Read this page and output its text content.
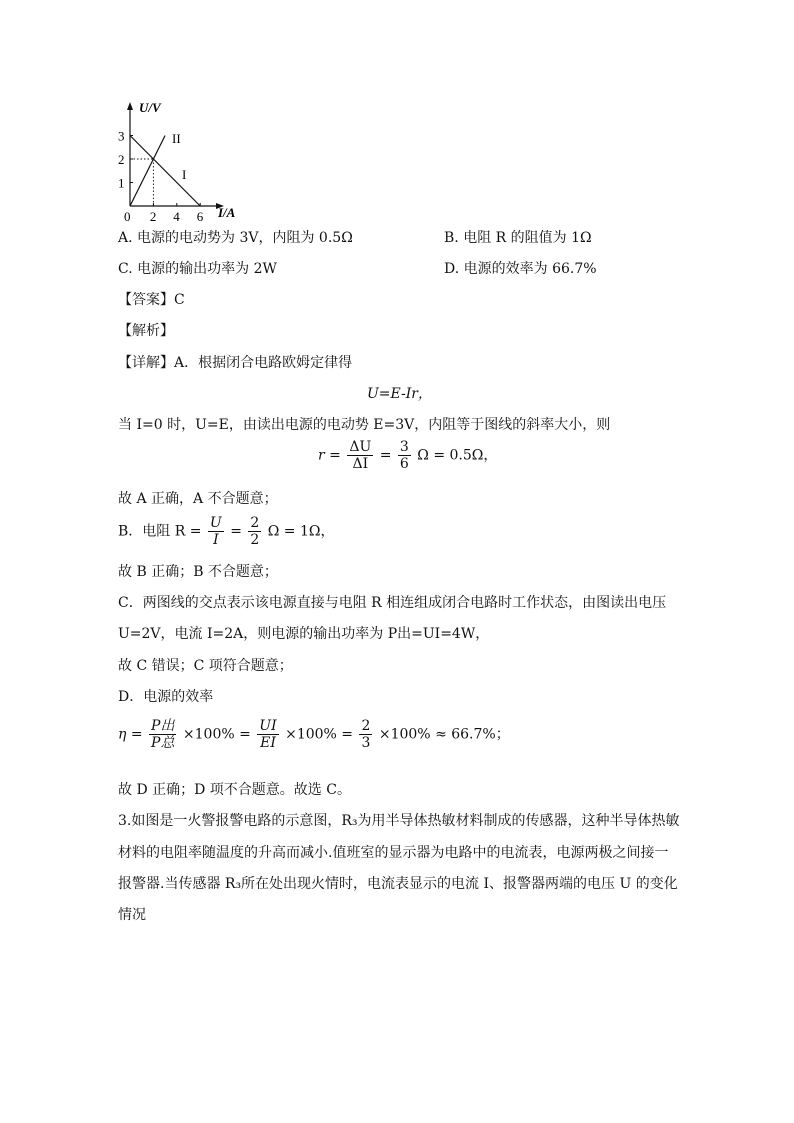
3
2
1
0 2 4 6
U/V
I/A
II
I
A. 电源的电动势为 3V，内阻为 0.5Ω	B. 电阻 R 的阻值为 1Ω
C. 电源的输出功率为 2W	D. 电源的效率为 66.7%
【答案】C
【解析】
【详解】A．根据闭合电路欧姆定律得
U=E-Ir，
当 I=0 时，U=E，由读出电源的电动势 E=3V，内阻等于图线的斜率大小，则
$r = \frac{\Delta U}{\Delta I} = \frac{3}{6}$ Ω = 0.5Ω，
故 A 正确，A 不合题意；
B．电阻 $R = \frac{U}{I} = \frac{2}{2}$ Ω = 1Ω，
故 B 正确；B 不合题意；
C．两图线的交点表示该电源直接与电阻 R 相连组成闭合电路时工作状态，由图读出电压
U=2V，电流 I=2A，则电源的输出功率为 P出=UI=4W，
故 C 错误；C 项符合题意；
D．电源的效率
$\eta = \frac{\text{P出}}{\text{P总}} \times 100\% = \frac{UI}{EI} \times 100\% = \frac{2}{3} \times 100\% \approx 66.7\%$；
故 D 正确；D 项不合题意。故选 C。
3.如图是一火警报警电路的示意图，R₃为用半导体热敏材料制成的传感器，这种半导体热敏
材料的电阻率随温度的升高而减小.值班室的显示器为电路中的电流表，电源两极之间接一
报警器.当传感器 R₃所在处出现火情时，电流表显示的电流 I、报警器两端的电压 U 的变化
情况
